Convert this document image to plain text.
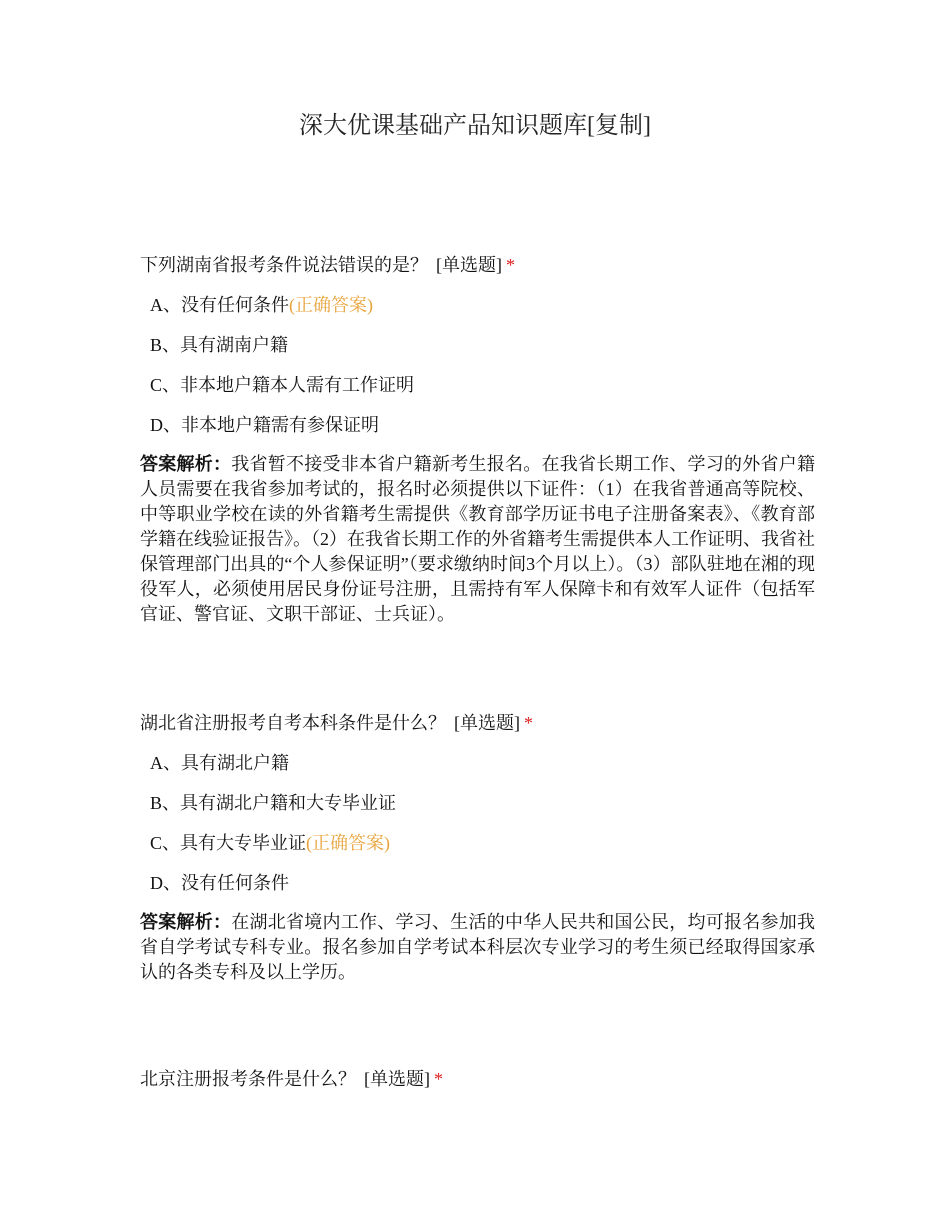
深大优课基础产品知识题库[复制]
下列湖南省报考条件说法错误的是？ [单选题] *
A、没有任何条件(正确答案)
B、具有湖南户籍
C、非本地户籍本人需有工作证明
D、非本地户籍需有参保证明
答案解析：我省暂不接受非本省户籍新考生报名。在我省长期工作、学习的外省户籍人员需要在我省参加考试的，报名时必须提供以下证件：（1）在我省普通高等院校、中等职业学校在读的外省籍考生需提供《教育部学历证书电子注册备案表》、《教育部学籍在线验证报告》。（2）在我省长期工作的外省籍考生需提供本人工作证明、我省社保管理部门出具的“个人参保证明”（要求缴纳时间3个月以上）。（3）部队驻地在湘的现役军人，必须使用居民身份证号注册，且需持有军人保障卡和有效军人证件（包括军官证、警官证、文职干部证、士兵证）。
湖北省注册报考自考本科条件是什么？ [单选题] *
A、具有湖北户籍
B、具有湖北户籍和大专毕业证
C、具有大专毕业证(正确答案)
D、没有任何条件
答案解析：在湖北省境内工作、学习、生活的中华人民共和国公民，均可报名参加我省自学考试专科专业。报名参加自学考试本科层次专业学习的考生须已经取得国家承认的各类专科及以上学历。
北京注册报考条件是什么？ [单选题] *
